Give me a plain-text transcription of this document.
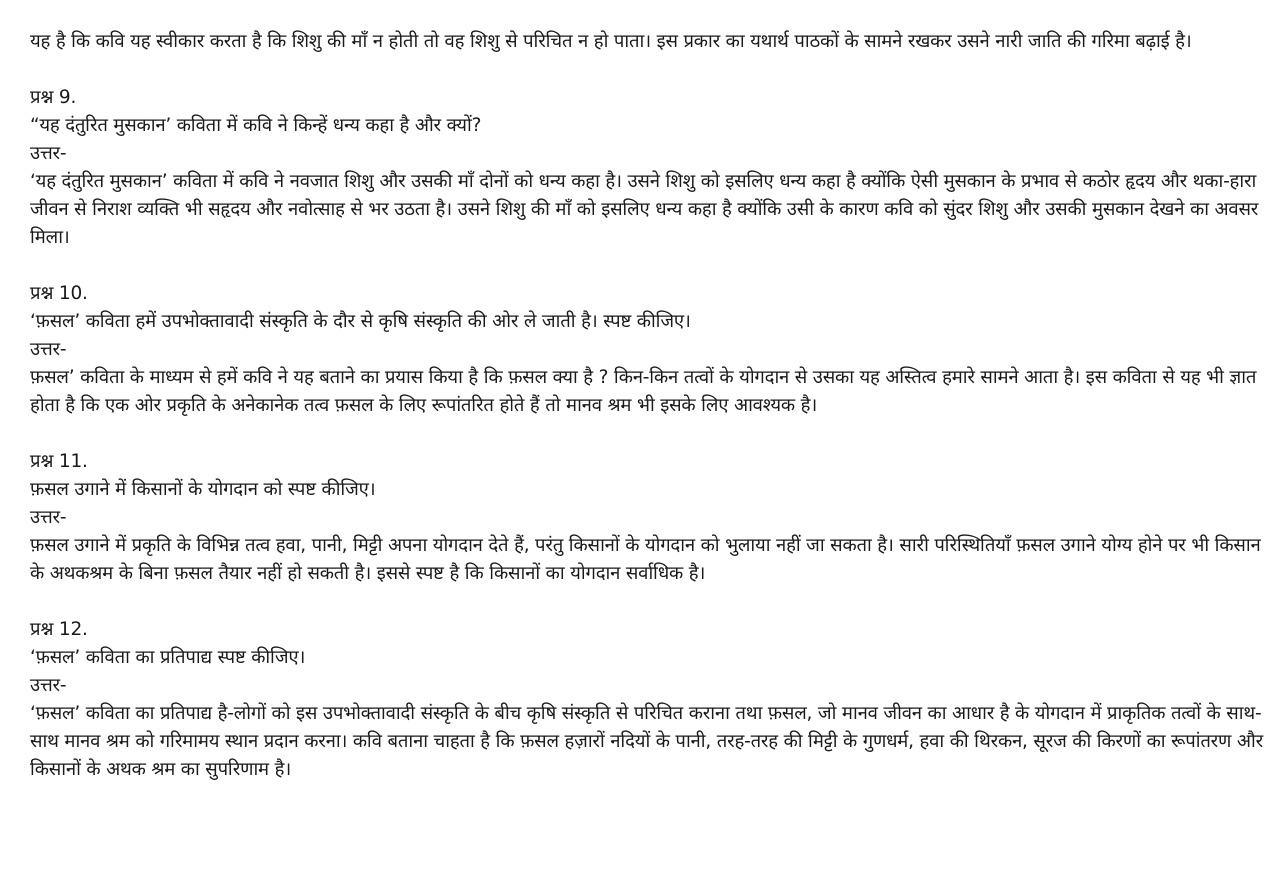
यह है कि कवि यह स्वीकार करता है कि शिशु की माँ न होती तो वह शिशु से परिचित न हो पाता। इस प्रकार का यथार्थ पाठकों के सामने रखकर उसने नारी जाति की गरिमा बढ़ाई है।

प्रश्न 9.
“यह दंतुरित मुसकान’ कविता में कवि ने किन्हें धन्य कहा है और क्यों?
उत्तर-
‘यह दंतुरित मुसकान’ कविता में कवि ने नवजात शिशु और उसकी माँ दोनों को धन्य कहा है। उसने शिशु को इसलिए धन्य कहा है क्योंकि ऐसी मुसकान के प्रभाव से कठोर हृदय और थका-हारा जीवन से निराश व्यक्ति भी सहृदय और नवोत्साह से भर उठता है। उसने शिशु की माँ को इसलिए धन्य कहा है क्योंकि उसी के कारण कवि को सुंदर शिशु और उसकी मुसकान देखने का अवसर मिला।

प्रश्न 10.
‘फ़सल’ कविता हमें उपभोक्तावादी संस्कृति के दौर से कृषि संस्कृति की ओर ले जाती है। स्पष्ट कीजिए।
उत्तर-
फ़सल’ कविता के माध्यम से हमें कवि ने यह बताने का प्रयास किया है कि फ़सल क्या है ? किन-किन तत्वों के योगदान से उसका यह अस्तित्व हमारे सामने आता है। इस कविता से यह भी ज्ञात होता है कि एक ओर प्रकृति के अनेकानेक तत्व फ़सल के लिए रूपांतरित होते हैं तो मानव श्रम भी इसके लिए आवश्यक है।

प्रश्न 11.
फ़सल उगाने में किसानों के योगदान को स्पष्ट कीजिए।
उत्तर-
फ़सल उगाने में प्रकृति के विभिन्न तत्व हवा, पानी, मिट्टी अपना योगदान देते हैं, परंतु किसानों के योगदान को भुलाया नहीं जा सकता है। सारी परिस्थितियाँ फ़सल उगाने योग्य होने पर भी किसान के अथकश्रम के बिना फ़सल तैयार नहीं हो सकती है। इससे स्पष्ट है कि किसानों का योगदान सर्वाधिक है।

प्रश्न 12.
‘फ़सल’ कविता का प्रतिपाद्य स्पष्ट कीजिए।
उत्तर-
‘फ़सल’ कविता का प्रतिपाद्य है-लोगों को इस उपभोक्तावादी संस्कृति के बीच कृषि संस्कृति से परिचित कराना तथा फ़सल, जो मानव जीवन का आधार है के योगदान में प्राकृतिक तत्वों के साथ-साथ मानव श्रम को गरिमामय स्थान प्रदान करना। कवि बताना चाहता है कि फ़सल हज़ारों नदियों के पानी, तरह-तरह की मिट्टी के गुणधर्म, हवा की थिरकन, सूरज की किरणों का रूपांतरण और किसानों के अथक श्रम का सुपरिणाम है।
